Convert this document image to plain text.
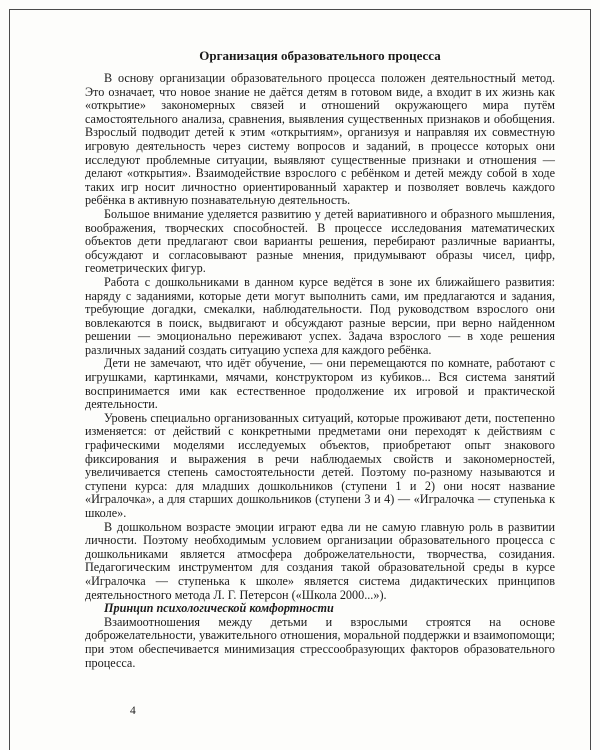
Организация образовательного процесса

В основу организации образовательного процесса положен деятельностный метод. Это означает, что новое знание не даётся детям в готовом виде, а входит в их жизнь как «открытие» закономерных связей и отношений окружающего мира путём самостоятельного анализа, сравнения, выявления существенных признаков и обобщения. Взрослый подводит детей к этим «открытиям», организуя и направляя их совместную игровую деятельность через систему вопросов и заданий, в процессе которых они исследуют проблемные ситуации, выявляют существенные признаки и отношения — делают «открытия». Взаимодействие взрослого с ребёнком и детей между собой в ходе таких игр носит личностно ориентированный характер и позволяет вовлечь каждого ребёнка в активную познавательную деятельность.

Большое внимание уделяется развитию у детей вариативного и образного мышления, воображения, творческих способностей. В процессе исследования математических объектов дети предлагают свои варианты решения, перебирают различные варианты, обсуждают и согласовывают разные мнения, придумывают образы чисел, цифр, геометрических фигур.

Работа с дошкольниками в данном курсе ведётся в зоне их ближайшего развития: наряду с заданиями, которые дети могут выполнить сами, им предлагаются и задания, требующие догадки, смекалки, наблюдательности. Под руководством взрослого они вовлекаются в поиск, выдвигают и обсуждают разные версии, при верно найденном решении — эмоционально переживают успех. Задача взрослого — в ходе решения различных заданий создать ситуацию успеха для каждого ребёнка.

Дети не замечают, что идёт обучение, — они перемещаются по комнате, работают с игрушками, картинками, мячами, конструктором из кубиков... Вся система занятий воспринимается ими как естественное продолжение их игровой и практической деятельности.

Уровень специально организованных ситуаций, которые проживают дети, постепенно изменяется: от действий с конкретными предметами они переходят к действиям с графическими моделями исследуемых объектов, приобретают опыт знакового фиксирования и выражения в речи наблюдаемых свойств и закономерностей, увеличивается степень самостоятельности детей. Поэтому по-разному называются и ступени курса: для младших дошкольников (ступени 1 и 2) они носят название «Игралочка», а для старших дошкольников (ступени 3 и 4) — «Игралочка — ступенька к школе».

В дошкольном возрасте эмоции играют едва ли не самую главную роль в развитии личности. Поэтому необходимым условием организации образовательного процесса с дошкольниками является атмосфера доброжелательности, творчества, созидания. Педагогическим инструментом для создания такой образовательной среды в курсе «Игралочка — ступенька к школе» является система дидактических принципов деятельностного метода Л. Г. Петерсон («Школа 2000...»).

Принцип психологической комфортности

Взаимоотношения между детьми и взрослыми строятся на основе доброжелательности, уважительного отношения, моральной поддержки и взаимопомощи; при этом обеспечивается минимизация стрессообразующих факторов образовательного процесса.

4
